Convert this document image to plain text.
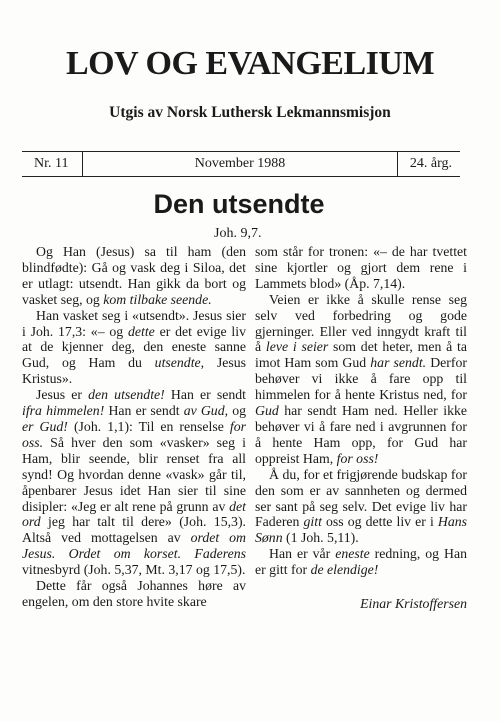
LOV OG EVANGELIUM
Utgis av Norsk Luthersk Lekmannsmisjon
Nr. 11	November 1988	24. årg.
Den utsendte
Joh. 9,7.

Og Han (Jesus) sa til ham (den blindfødte): Gå og vask deg i Siloa, det er utlagt: utsendt. Han gikk da bort og vasket seg, og kom tilbake seende.

Han vasket seg i «utsendt». Jesus sier i Joh. 17,3: «– og dette er det evige liv at de kjenner deg, den eneste sanne Gud, og Ham du utsendte, Jesus Kristus».

Jesus er den utsendte! Han er sendt ifra himmelen! Han er sendt av Gud, og er Gud! (Joh. 1,1): Til en renselse for oss. Så hver den som «vasker» seg i Ham, blir seende, blir renset fra all synd! Og hvordan denne «vask» går til, åpenbarer Jesus idet Han sier til sine disipler: «Jeg er alt rene på grunn av det ord jeg har talt til dere» (Joh. 15,3). Altså ved mottagelsen av ordet om Jesus. Ordet om korset. Faderens vitnesbyrd (Joh. 5,37, Mt. 3,17 og 17,5).

Dette får også Johannes høre av engelen, om den store hvite skare

som står for tronen: «– de har tvettet sine kjortler og gjort dem rene i Lammets blod» (Åp. 7,14).

Veien er ikke å skulle rense seg selv ved forbedring og gode gjerninger. Eller ved inngydt kraft til å leve i seier som det heter, men å ta imot Ham som Gud har sendt. Derfor behøver vi ikke å fare opp til himmelen for å hente Kristus ned, for Gud har sendt Ham ned. Heller ikke behøver vi å fare ned i avgrunnen for å hente Ham opp, for Gud har oppreist Ham, for oss!

Å du, for et frigjørende budskap for den som er av sannheten og dermed ser sant på seg selv. Det evige liv har Faderen gitt oss og dette liv er i Hans Sønn (1 Joh. 5,11).

Han er vår eneste redning, og Han er gitt for de elendige!

Einar Kristoffersen
